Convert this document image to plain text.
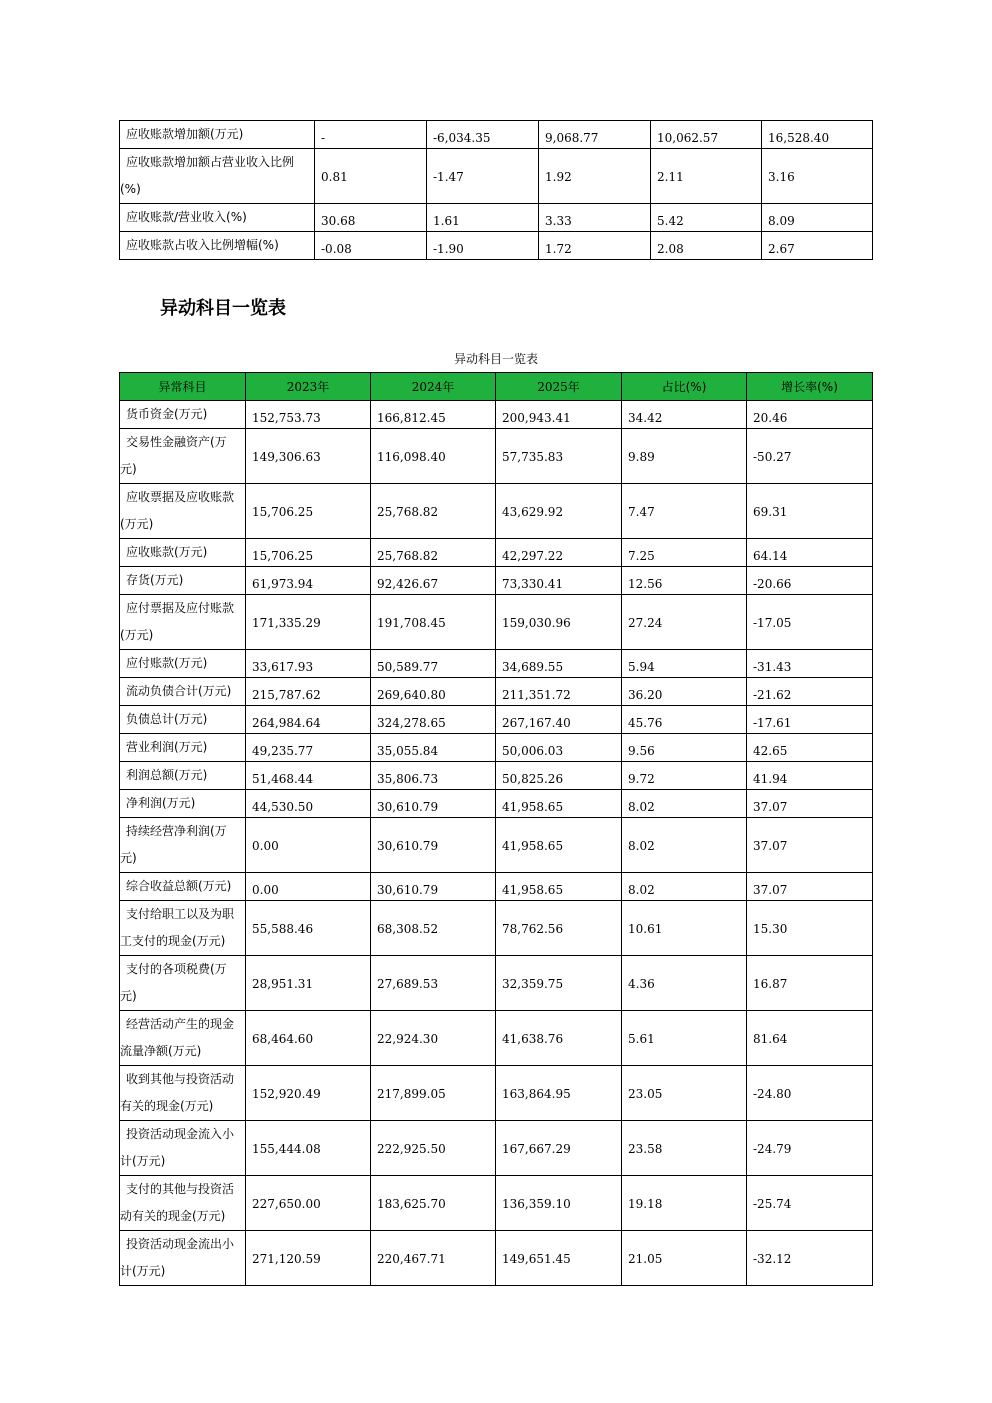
应收账款增加额(万元)	-	-6,034.35	9,068.77	10,062.57	16,528.40

应收账款增加额占营业收入比例
(%)	0.81	-1.47	1.92	2.11	3.16
应收账款/营业收入(%)	30.68	1.61	3.33	5.42	8.09
应收账款占收入比例增幅(%)	-0.08	-1.90	1.72	2.08	2.67
异动科目一览表
异动科目一览表
异常科目	2023年	2024年	2025年	占比(%)	增长率(%)
货币资金(万元)	152,753.73	166,812.45	200,943.41	34.42	20.46

交易性金融资产(万
元)	149,306.63	116,098.40	57,735.83	9.89	-50.27

应收票据及应收账款
(万元)	15,706.25	25,768.82	43,629.92	7.47	69.31
应收账款(万元)	15,706.25	25,768.82	42,297.22	7.25	64.14
存货(万元)	61,973.94	92,426.67	73,330.41	12.56	-20.66

应付票据及应付账款
(万元)	171,335.29	191,708.45	159,030.96	27.24	-17.05
应付账款(万元)	33,617.93	50,589.77	34,689.55	5.94	-31.43
流动负债合计(万元)	215,787.62	269,640.80	211,351.72	36.20	-21.62
负债总计(万元)	264,984.64	324,278.65	267,167.40	45.76	-17.61
营业利润(万元)	49,235.77	35,055.84	50,006.03	9.56	42.65
利润总额(万元)	51,468.44	35,806.73	50,825.26	9.72	41.94
净利润(万元)	44,530.50	30,610.79	41,958.65	8.02	37.07

持续经营净利润(万
元)	0.00	30,610.79	41,958.65	8.02	37.07
综合收益总额(万元)	0.00	30,610.79	41,958.65	8.02	37.07

支付给职工以及为职
工支付的现金(万元)	55,588.46	68,308.52	78,762.56	10.61	15.30

支付的各项税费(万
元)	28,951.31	27,689.53	32,359.75	4.36	16.87

经营活动产生的现金
流量净额(万元)	68,464.60	22,924.30	41,638.76	5.61	81.64

收到其他与投资活动
有关的现金(万元)	152,920.49	217,899.05	163,864.95	23.05	-24.80

投资活动现金流入小
计(万元)	155,444.08	222,925.50	167,667.29	23.58	-24.79

支付的其他与投资活
动有关的现金(万元)	227,650.00	183,625.70	136,359.10	19.18	-25.74

投资活动现金流出小
计(万元)	271,120.59	220,467.71	149,651.45	21.05	-32.12
